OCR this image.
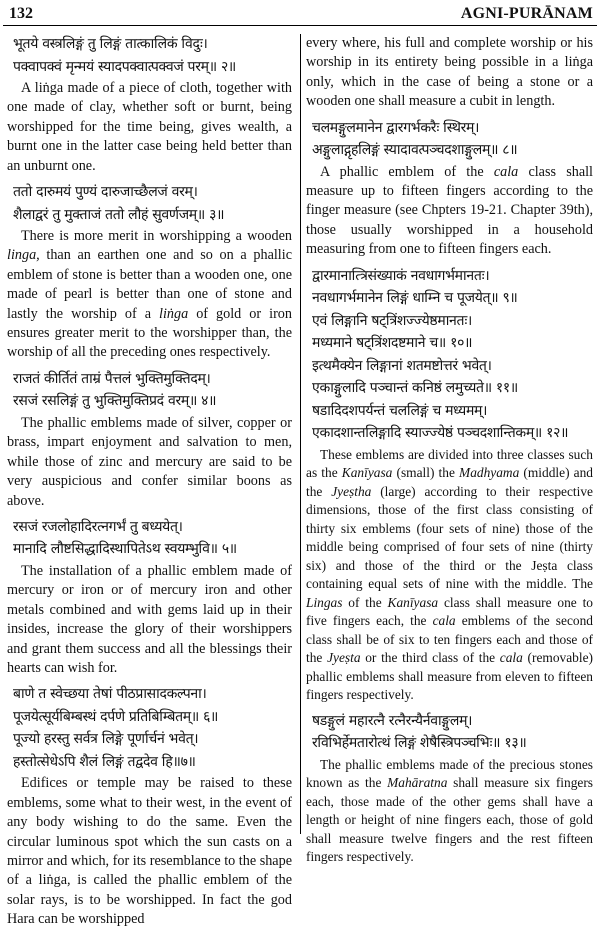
132	AGNI-PURĀNAM
भूतये वस्त्रलिङ्गं तु लिङ्गं तात्कालिकं विदुः।
पक्वापक्वं मृन्मयं स्यादपक्वात्पक्वजं परम्॥ २॥

A liṅga made of a piece of cloth, together with one made of clay, whether soft or burnt, being worshipped for the time being, gives wealth, a burnt one in the latter case being held better than an unburnt one.

ततो दारुमयं पुण्यं दारुजाच्छैलजं वरम्।
शैलाद्वरं तु मुक्ताजं ततो लौहं सुवर्णजम्॥ ३॥

There is more merit in worshipping a wooden linga, than an earthen one and so on a phallic emblem of stone is better than a wooden one, one made of pearl is better than one of stone and lastly the worship of a liṅga of gold or iron ensures greater merit to the worshipper than, the worship of all the preceding ones respectively.

राजतं कीर्तितं ताम्रं पैत्तलं भुक्तिमुक्तिदम्।
रसजं रसलिङ्गं तु भुक्तिमुक्तिप्रदं वरम्॥ ४॥

The phallic emblems made of silver, copper or brass, impart enjoyment and salvation to men, while those of zinc and mercury are said to be very auspicious and confer similar boons as above.

रसजं रजलोहादिरत्नगर्भं तु बध्ययेत्।
मानादि लौष्टसिद्धादिस्थापितेऽथ स्वयम्भुवि॥ ५॥

The installation of a phallic emblem made of mercury or iron or of mercury iron and other metals combined and with gems laid up in their insides, increase the glory of their worshippers and grant them success and all the blessings their hearts can wish for.

बाणे त स्वेच्छया तेषां पीठप्रासादकल्पना।
पूजयेत्सूर्यबिम्बस्थं दर्पणे प्रतिबिम्बितम्॥ ६॥
पूज्यो हरस्तु सर्वत्र लिङ्गे पूर्णार्चनं भवेत्।
हस्तोत्सेधेऽपि शैलं लिङ्गं तद्वदेव हि॥७॥

Edifices or temple may be raised to these emblems, some what to their west, in the event of any body wishing to do the same. Even the circular luminous spot which the sun casts on a mirror and which, for its resemblance to the shape of a liṅga, is called the phallic emblem of the solar rays, is to be worshipped. In fact the god Hara can be worshipped

every where, his full and complete worship or his worship in its entirety being possible in a liṅga only, which in the case of being a stone or a wooden one shall measure a cubit in length.

चलमङ्गुलमानेन द्वारगर्भकरैः स्थिरम्।
अङ्गुलाद्गृहलिङ्गं स्यादावत्पञ्चदशाङ्गुलम्॥ ८॥

A phallic emblem of the cala class shall measure up to fifteen fingers according to the finger measure (see Chpters 19-21. Chapter 39th), those usually worshipped in a household measuring from one to fifteen fingers each.

द्वारमानात्त्रिसंख्याकं नवधागर्भमानतः।
नवधागर्भमानेन लिङ्गं धाम्नि च पूजयेत्॥ ९॥
एवं लिङ्गानि षट्त्रिंशज्ज्येष्ठमानतः।
मध्यमाने षट्त्रिंशदष्टमाने च॥ १०॥
इत्थमैक्येन लिङ्गानां शतमष्टोत्तरं भवेत्।
एकाङ्गुलादि पञ्चान्तं कनिष्ठं लमुच्यते॥ ११॥
षडादिदशपर्यन्तं चललिङ्गं च मध्यमम्।
एकादशान्तलिङ्गादि स्याज्ज्येष्ठं पञ्चदशान्तिकम्॥ १२॥

These emblems are divided into three classes such as the Kanīyasa (small) the Madhyama (middle) and the Jyeṣtha (large) according to their respective dimensions, those of the first class consisting of thirty six emblems (four sets of nine) those of the middle being comprised of four sets of nine (thirty six) and those of the third or the Jeṣta class containing equal sets of nine with the middle. The Lingas of the Kanīyasa class shall measure one to five fingers each, the cala emblems of the second class shall be of six to ten fingers each and those of the Jyeṣta or the third class of the cala (removable) phallic emblems shall measure from eleven to fifteen fingers respectively.

षडङ्गुलं महारत्नै रत्नैरन्यैर्नवाङ्गुलम्।
रविभिर्हेमतारोत्थं लिङ्गं शेषैस्त्रिपञ्चभिः॥ १३॥

The phallic emblems made of the precious stones known as the Mahāratna shall measure six fingers each, those made of the other gems shall have a length or height of nine fingers each, those of gold shall measure twelve fingers and the rest fifteen fingers respectively.
